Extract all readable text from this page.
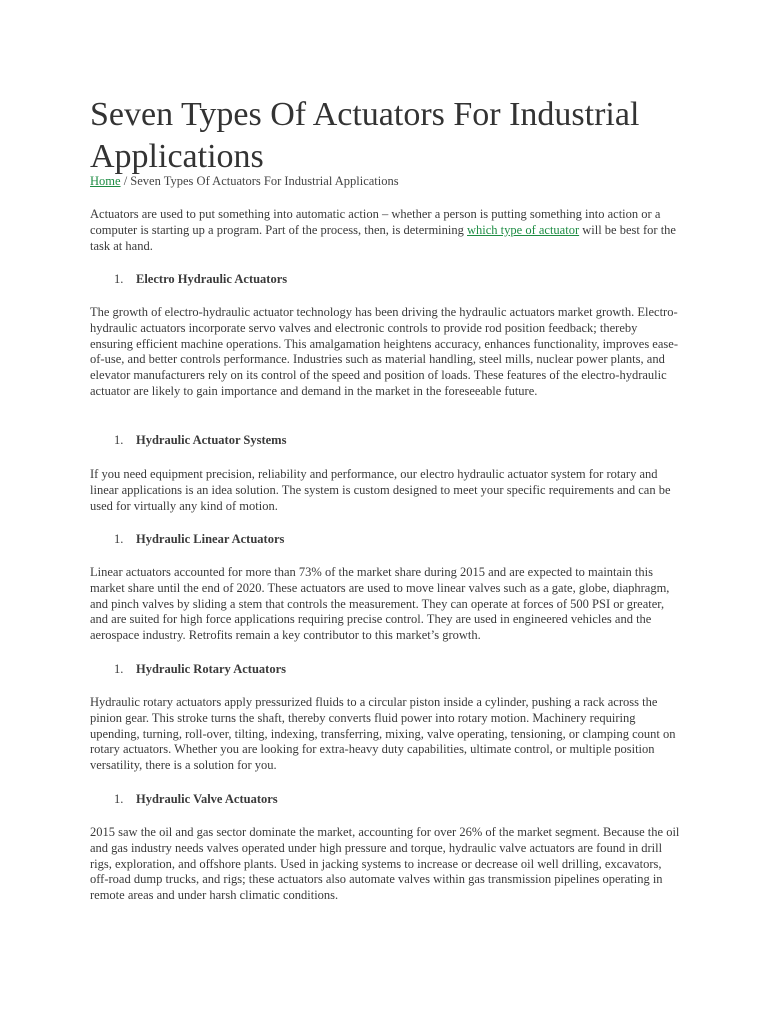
Seven Types Of Actuators For Industrial Applications
Home / Seven Types Of Actuators For Industrial Applications

Actuators are used to put something into automatic action – whether a person is putting something into action or a computer is starting up a program. Part of the process, then, is determining which type of actuator will be best for the task at hand.

1. Electro Hydraulic Actuators

The growth of electro-hydraulic actuator technology has been driving the hydraulic actuators market growth. Electro-hydraulic actuators incorporate servo valves and electronic controls to provide rod position feedback; thereby ensuring efficient machine operations. This amalgamation heightens accuracy, enhances functionality, improves ease-of-use, and better controls performance. Industries such as material handling, steel mills, nuclear power plants, and elevator manufacturers rely on its control of the speed and position of loads. These features of the electro-hydraulic actuator are likely to gain importance and demand in the market in the foreseeable future.

1. Hydraulic Actuator Systems

If you need equipment precision, reliability and performance, our electro hydraulic actuator system for rotary and linear applications is an idea solution. The system is custom designed to meet your specific requirements and can be used for virtually any kind of motion.

1. Hydraulic Linear Actuators

Linear actuators accounted for more than 73% of the market share during 2015 and are expected to maintain this market share until the end of 2020. These actuators are used to move linear valves such as a gate, globe, diaphragm, and pinch valves by sliding a stem that controls the measurement. They can operate at forces of 500 PSI or greater, and are suited for high force applications requiring precise control. They are used in engineered vehicles and the aerospace industry. Retrofits remain a key contributor to this market’s growth.

1. Hydraulic Rotary Actuators

Hydraulic rotary actuators apply pressurized fluids to a circular piston inside a cylinder, pushing a rack across the pinion gear. This stroke turns the shaft, thereby converts fluid power into rotary motion. Machinery requiring upending, turning, roll-over, tilting, indexing, transferring, mixing, valve operating, tensioning, or clamping count on rotary actuators. Whether you are looking for extra-heavy duty capabilities, ultimate control, or multiple position versatility, there is a solution for you.

1. Hydraulic Valve Actuators

2015 saw the oil and gas sector dominate the market, accounting for over 26% of the market segment. Because the oil and gas industry needs valves operated under high pressure and torque, hydraulic valve actuators are found in drill rigs, exploration, and offshore plants. Used in jacking systems to increase or decrease oil well drilling, excavators, off-road dump trucks, and rigs; these actuators also automate valves within gas transmission pipelines operating in remote areas and under harsh climatic conditions.
